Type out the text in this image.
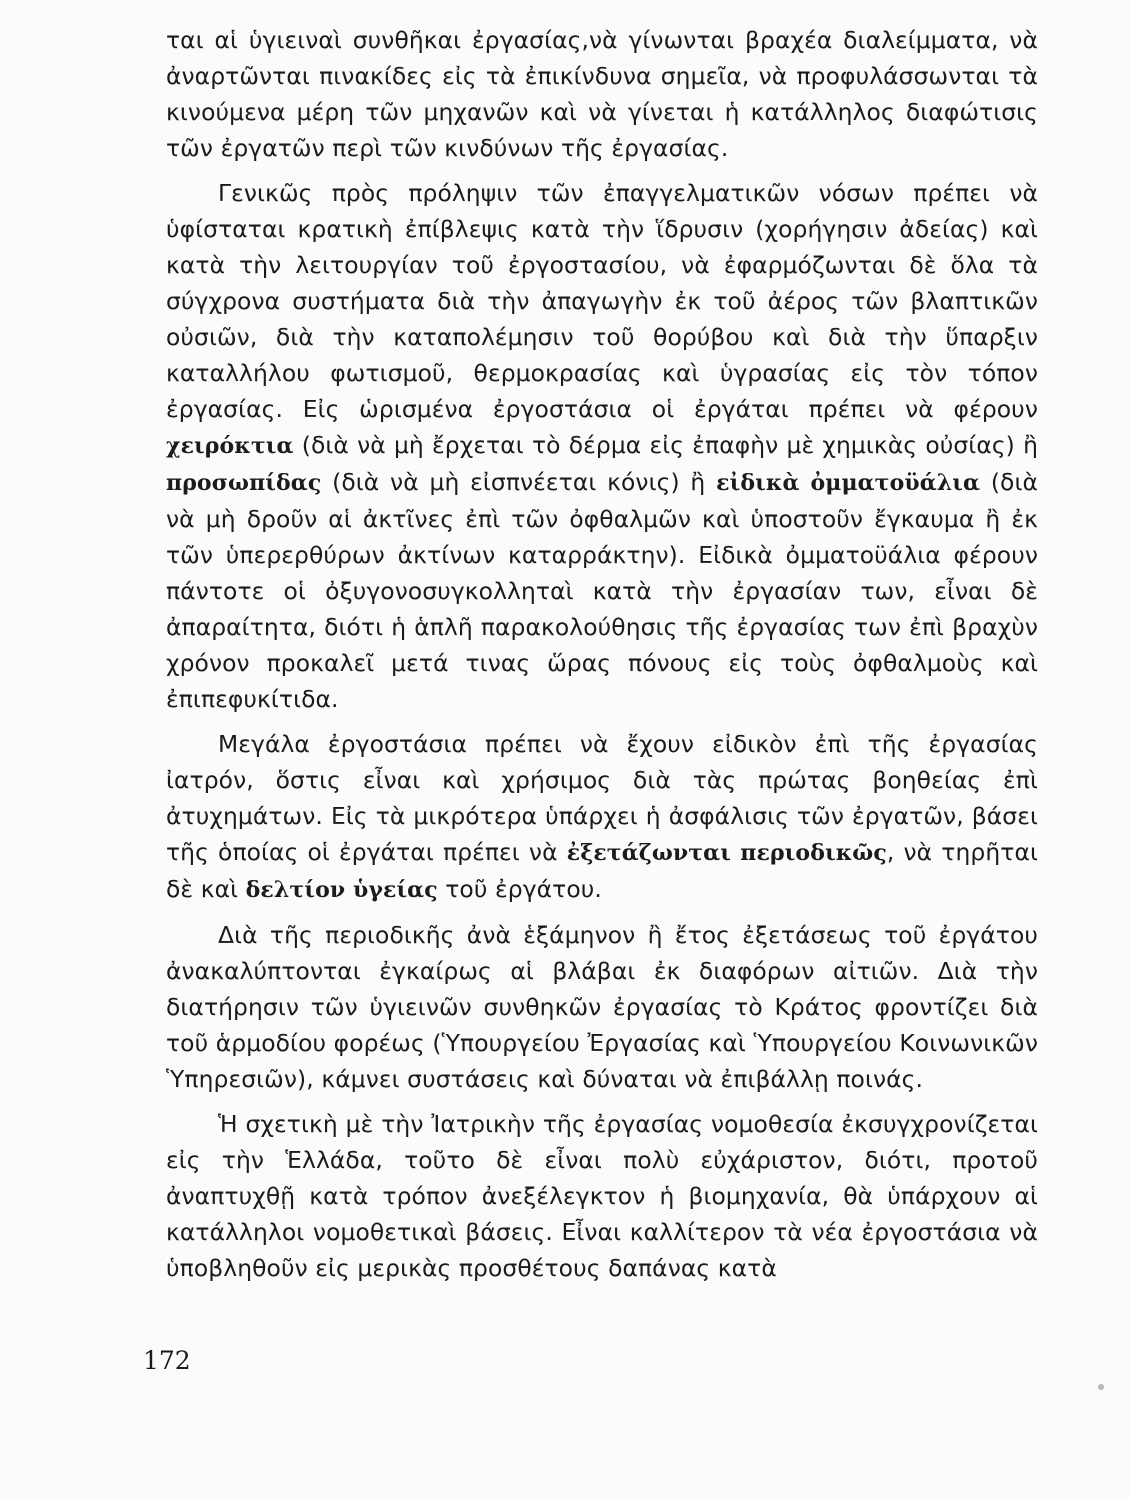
ται αἱ ὑγιειναὶ συνθῆκαι ἐργασίας,νὰ γίνωνται βραχέα διαλείμματα, νὰ ἀναρτῶνται πινακίδες εἰς τὰ ἐπικίνδυνα σημεῖα, νὰ προφυλάσσωνται τὰ κινούμενα μέρη τῶν μηχανῶν καὶ νὰ γίνεται ἡ κατάλληλος διαφώτισις τῶν ἐργατῶν περὶ τῶν κινδύνων τῆς ἐργασίας.

Γενικῶς πρὸς πρόληψιν τῶν ἐπαγγελματικῶν νόσων πρέπει νὰ ὑφίσταται κρατικὴ ἐπίβλεψις κατὰ τὴν ἵδρυσιν (χορήγησιν ἀδείας) καὶ κατὰ τὴν λειτουργίαν τοῦ ἐργοστασίου, νὰ ἐφαρμόζωνται δὲ ὅλα τὰ σύγχρονα συστήματα διὰ τὴν ἀπαγωγὴν ἐκ τοῦ ἀέρος τῶν βλαπτικῶν οὐσιῶν, διὰ τὴν καταπολέμησιν τοῦ θορύβου καὶ διὰ τὴν ὕπαρξιν καταλλήλου φωτισμοῦ, θερμοκρασίας καὶ ὑγρασίας εἰς τὸν τόπον ἐργασίας. Εἰς ὡρισμένα ἐργοστάσια οἱ ἐργάται πρέπει νὰ φέρουν χειρόκτια (διὰ νὰ μὴ ἔρχεται τὸ δέρμα εἰς ἐπαφὴν μὲ χημικὰς οὐσίας) ἢ προσωπίδας (διὰ νὰ μὴ εἰσπνέεται κόνις) ἢ εἰδικὰ ὀμματοϋάλια (διὰ νὰ μὴ δροῦν αἱ ἀκτῖνες ἐπὶ τῶν ὀφθαλμῶν καὶ ὑποστοῦν ἔγκαυμα ἢ ἐκ τῶν ὑπερερθύρων ἀκτίνων καταρράκτην). Εἰδικὰ ὀμματοϋάλια φέρουν πάντοτε οἱ ὀξυγονοσυγκολληταὶ κατὰ τὴν ἐργασίαν των, εἶναι δὲ ἀπαραίτητα, διότι ἡ ἁπλῆ παρακολούθησις τῆς ἐργασίας των ἐπὶ βραχὺν χρόνον προκαλεῖ μετά τινας ὥρας πόνους εἰς τοὺς ὀφθαλμοὺς καὶ ἐπιπεφυκίτιδα.

Μεγάλα ἐργοστάσια πρέπει νὰ ἔχουν εἰδικὸν ἐπὶ τῆς ἐργασίας ἰατρόν, ὅστις εἶναι καὶ χρήσιμος διὰ τὰς πρώτας βοηθείας ἐπὶ ἀτυχημάτων. Εἰς τὰ μικρότερα ὑπάρχει ἡ ἀσφάλισις τῶν ἐργατῶν, βάσει τῆς ὁποίας οἱ ἐργάται πρέπει νὰ ἐξετάζωνται περιοδικῶς, νὰ τηρῆται δὲ καὶ δελτίον ὑγείας τοῦ ἐργάτου.

Διὰ τῆς περιοδικῆς ἀνὰ ἑξάμηνον ἢ ἔτος ἐξετάσεως τοῦ ἐργάτου ἀνακαλύπτονται ἐγκαίρως αἱ βλάβαι ἐκ διαφόρων αἰτιῶν. Διὰ τὴν διατήρησιν τῶν ὑγιεινῶν συνθηκῶν ἐργασίας τὸ Κράτος φροντίζει διὰ τοῦ ἁρμοδίου φορέως (Ὑπουργείου Ἐργασίας καὶ Ὑπουργείου Κοινωνικῶν Ὑπηρεσιῶν), κάμνει συστάσεις καὶ δύναται νὰ ἐπιβάλλῃ ποινάς.

Ἡ σχετικὴ μὲ τὴν Ἰατρικὴν τῆς ἐργασίας νομοθεσία ἐκσυγχρονίζεται εἰς τὴν Ἑλλάδα, τοῦτο δὲ εἶναι πολὺ εὐχάριστον, διότι, προτοῦ ἀναπτυχθῇ κατὰ τρόπον ἀνεξέλεγκτον ἡ βιομηχανία, θὰ ὑπάρχουν αἱ κατάλληλοι νομοθετικαὶ βάσεις. Εἶναι καλλίτερον τὰ νέα ἐργοστάσια νὰ ὑποβληθοῦν εἰς μερικὰς προσθέτους δαπάνας κατὰ

172
